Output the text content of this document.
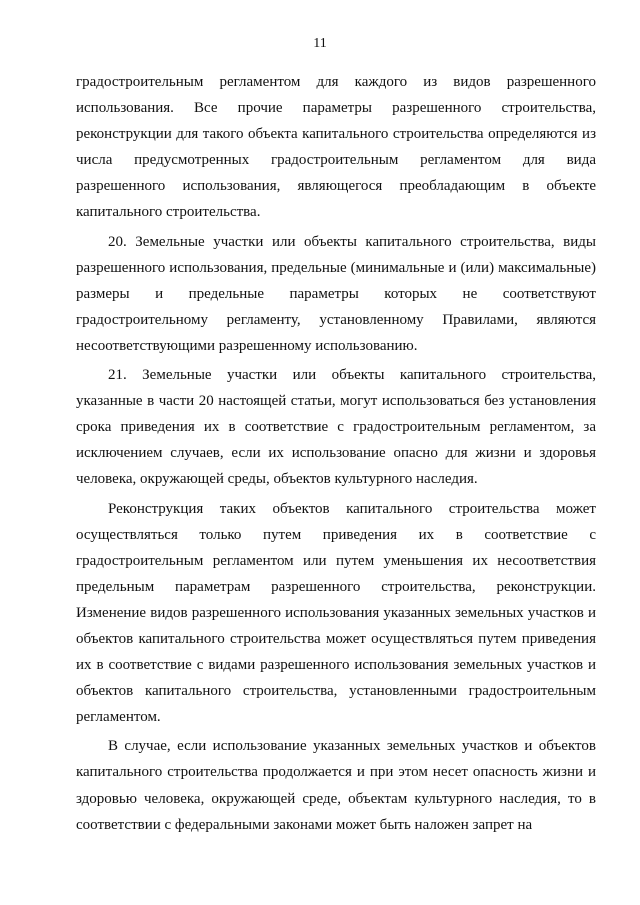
11

градостроительным регламентом для каждого из видов разрешенного использования. Все прочие параметры разрешенного строительства, реконструкции для такого объекта капитального строительства определяются из числа предусмотренных градостроительным регламентом для вида разрешенного использования, являющегося преобладающим в объекте капитального строительства.

20. Земельные участки или объекты капитального строительства, виды разрешенного использования, предельные (минимальные и (или) максимальные) размеры и предельные параметры которых не соответствуют градостроительному регламенту, установленному Правилами, являются несоответствующими разрешенному использованию.

21. Земельные участки или объекты капитального строительства, указанные в части 20 настоящей статьи, могут использоваться без установления срока приведения их в соответствие с градостроительным регламентом, за исключением случаев, если их использование опасно для жизни и здоровья человека, окружающей среды, объектов культурного наследия.

Реконструкция таких объектов капитального строительства может осуществляться только путем приведения их в соответствие с градостроительным регламентом или путем уменьшения их несоответствия предельным параметрам разрешенного строительства, реконструкции. Изменение видов разрешенного использования указанных земельных участков и объектов капитального строительства может осуществляться путем приведения их в соответствие с видами разрешенного использования земельных участков и объектов капитального строительства, установленными градостроительным регламентом.

В случае, если использование указанных земельных участков и объектов капитального строительства продолжается и при этом несет опасность жизни и здоровью человека, окружающей среде, объектам культурного наследия, то в соответствии с федеральными законами может быть наложен запрет на
